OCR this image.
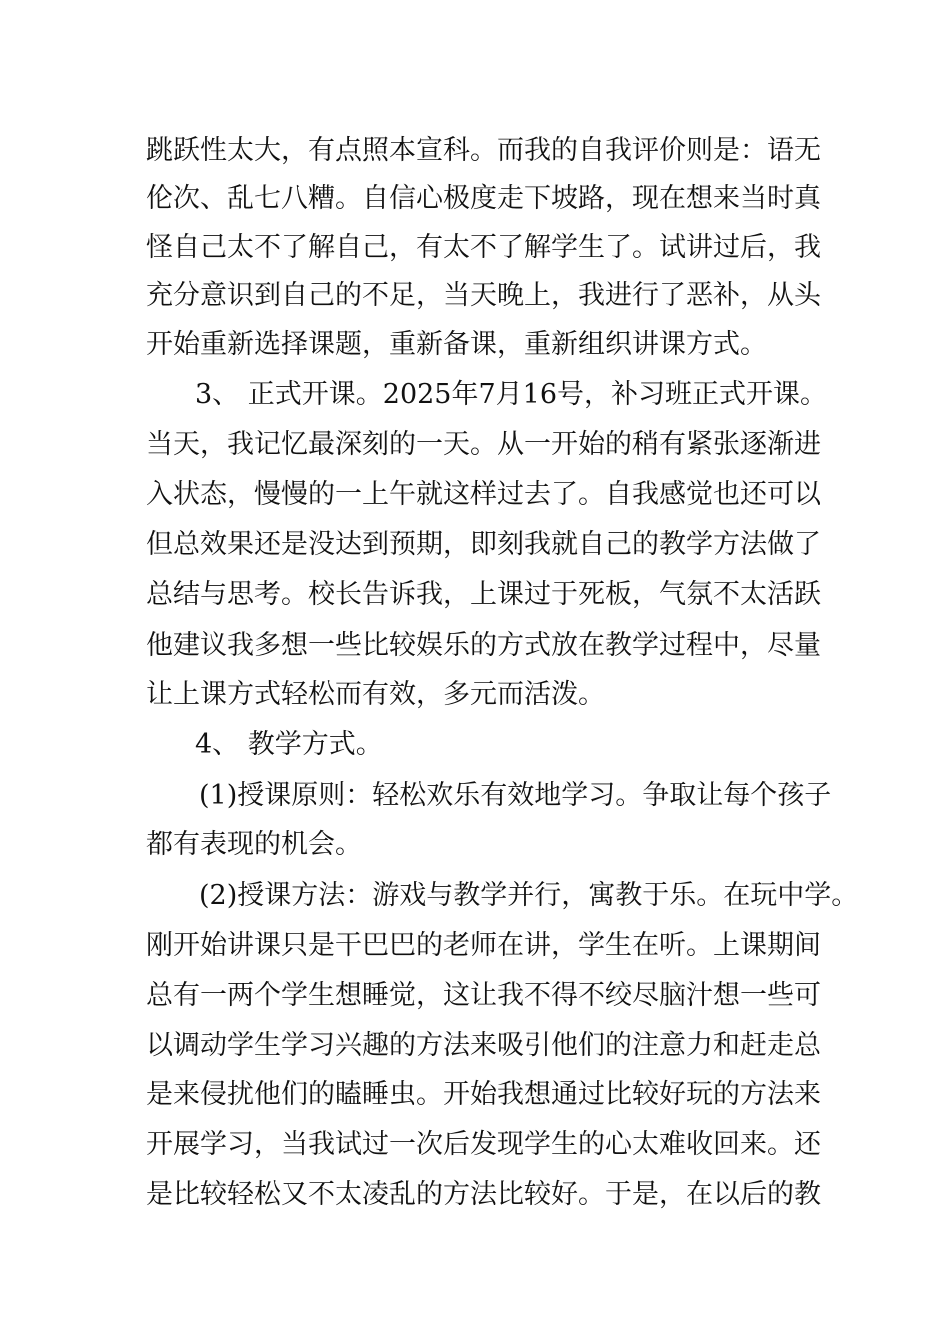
跳跃性太大，有点照本宣科。而我的自我评价则是：语无
伦次、乱七八糟。自信心极度走下坡路，现在想来当时真
怪自己太不了解自己，有太不了解学生了。试讲过后，我
充分意识到自己的不足，当天晚上，我进行了恶补，从头
开始重新选择课题，重新备课，重新组织讲课方式。
3、 正式开课。2025年7月16号，补习班正式开课。
当天，我记忆最深刻的一天。从一开始的稍有紧张逐渐进
入状态，慢慢的一上午就这样过去了。自我感觉也还可以
但总效果还是没达到预期，即刻我就自己的教学方法做了
总结与思考。校长告诉我，上课过于死板，气氛不太活跃
他建议我多想一些比较娱乐的方式放在教学过程中，尽量
让上课方式轻松而有效，多元而活泼。
4、 教学方式。
(1)授课原则：轻松欢乐有效地学习。争取让每个孩子
都有表现的机会。
(2)授课方法：游戏与教学并行，寓教于乐。在玩中学。
刚开始讲课只是干巴巴的老师在讲，学生在听。上课期间
总有一两个学生想睡觉，这让我不得不绞尽脑汁想一些可
以调动学生学习兴趣的方法来吸引他们的注意力和赶走总
是来侵扰他们的瞌睡虫。开始我想通过比较好玩的方法来
开展学习，当我试过一次后发现学生的心太难收回来。还
是比较轻松又不太凌乱的方法比较好。于是，在以后的教
